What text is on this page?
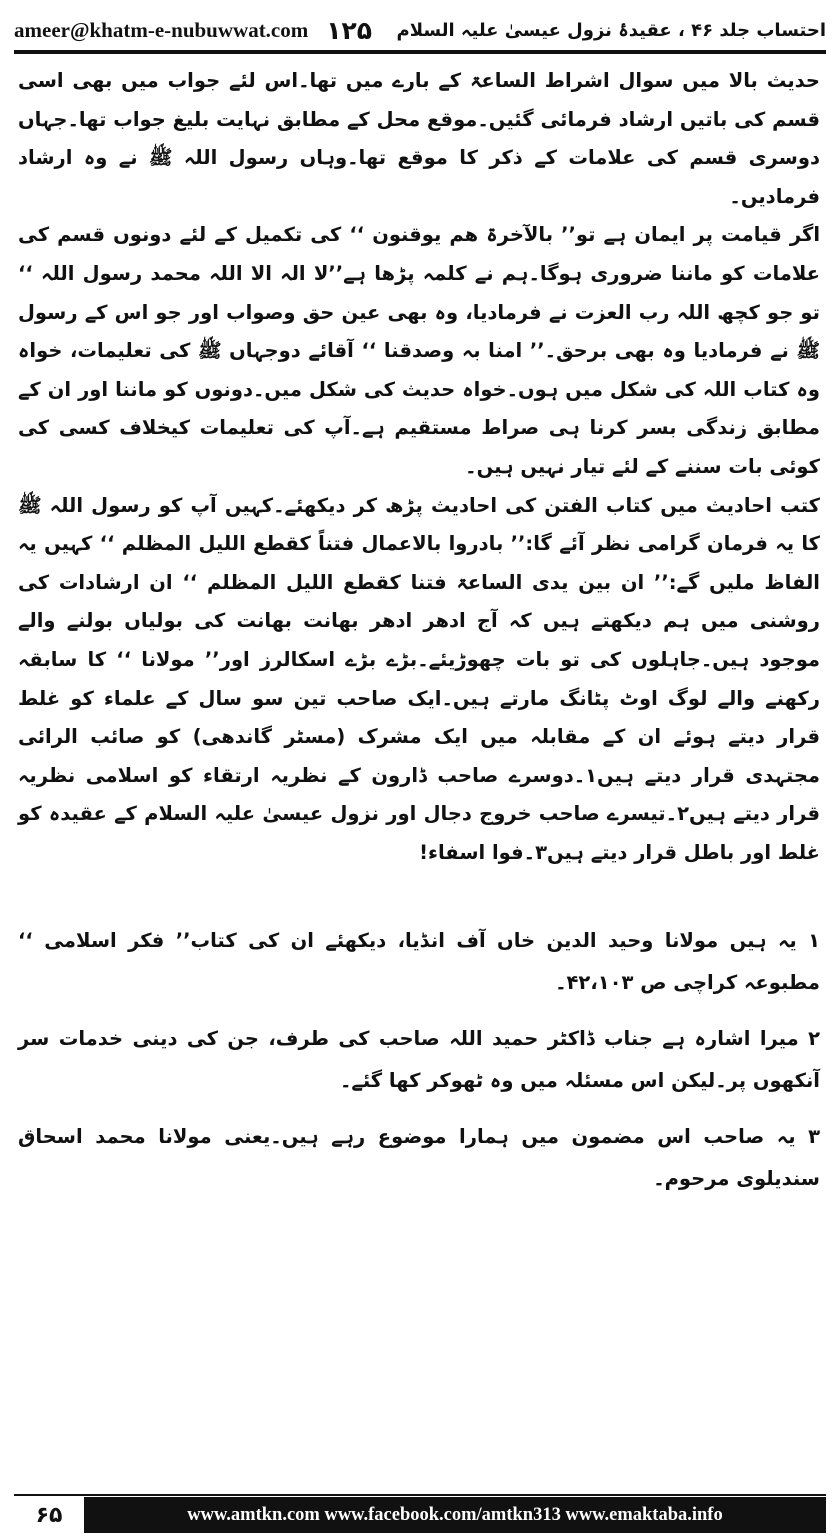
ameer@khatm-e-nubuwwat.com ۱۲۵ احتساب جلد ۴۶ ، عقیدۂ نزول عیسیٰ علیہ السلام

حدیث بالا میں سوال اشراط الساعۃ کے بارے میں تھا۔اس لئے جواب میں بھی اسی قسم کی باتیں ارشاد فرمائی گئیں۔موقع محل کے مطابق نہایت بلیغ جواب تھا۔جہاں دوسری قسم کی علامات کے ذکر کا موقع تھا۔وہاں رسول اللہ ﷺ نے وہ ارشاد فرمادیں۔

اگر قیامت پر ایمان ہے تو’’ بالآخرۃ ھم یوقنون ‘‘ کی تکمیل کے لئے دونوں قسم کی علامات کو ماننا ضروری ہوگا۔ہم نے کلمہ پڑھا ہے’’لا الہ الا اللہ محمد رسول اللہ ‘‘ تو جو کچھ اللہ رب العزت نے فرمادیا، وہ بھی عین حق وصواب اور جو اس کے رسول ﷺ نے فرمادیا وہ بھی برحق۔’’ امنا بہ وصدقنا ‘‘ آقائے دوجہاں ﷺ کی تعلیمات، خواہ وہ کتاب اللہ کی شکل میں ہوں۔خواہ حدیث کی شکل میں۔دونوں کو ماننا اور ان کے مطابق زندگی بسر کرنا ہی صراط مستقیم ہے۔آپ کی تعلیمات کیخلاف کسی کی کوئی بات سننے کے لئے تیار نہیں ہیں۔

کتب احادیث میں کتاب الفتن کی احادیث پڑھ کر دیکھئے۔کہیں آپ کو رسول اللہ ﷺ کا یہ فرمان گرامی نظر آئے گا:’’ بادروا بالاعمال فتناً کقطع اللیل المظلم ‘‘ کہیں یہ الفاظ ملیں گے:’’ ان بین یدی الساعۃ فتنا کقطع اللیل المظلم ‘‘ ان ارشادات کی روشنی میں ہم دیکھتے ہیں کہ آج ادھر ادھر بھانت بھانت کی بولیاں بولنے والے موجود ہیں۔جاہلوں کی تو بات چھوڑیئے۔بڑے بڑے اسکالرز اور’’ مولانا ‘‘ کا سابقہ رکھنے والے لوگ اوٹ پٹانگ مارتے ہیں۔ایک صاحب تین سو سال کے علماء کو غلط قرار دیتے ہوئے ان کے مقابلہ میں ایک مشرک (مسٹر گاندھی) کو صائب الرائی مجتہدی قرار دیتے ہیں۱۔دوسرے صاحب ڈارون کے نظریہ ارتقاء کو اسلامی نظریہ قرار دیتے ہیں۲۔تیسرے صاحب خروج دجال اور نزول عیسیٰ علیہ السلام کے عقیدہ کو غلط اور باطل قرار دیتے ہیں۳۔فوا اسفاء!

۱ یہ ہیں مولانا وحید الدین خاں آف انڈیا، دیکھئے ان کی کتاب’’ فکر اسلامی ‘‘ مطبوعہ کراچی ص ۴۲،۱۰۳۔

۲ میرا اشارہ ہے جناب ڈاکٹر حمید اللہ صاحب کی طرف، جن کی دینی خدمات سر آنکھوں پر۔لیکن اس مسئلہ میں وہ ٹھوکر کھا گئے۔

۳ یہ صاحب اس مضمون میں ہمارا موضوع رہے ہیں۔یعنی مولانا محمد اسحاق سندیلوی مرحوم۔

۶۵	www.amtkn.com www.facebook.com/amtkn313 www.emaktaba.info
